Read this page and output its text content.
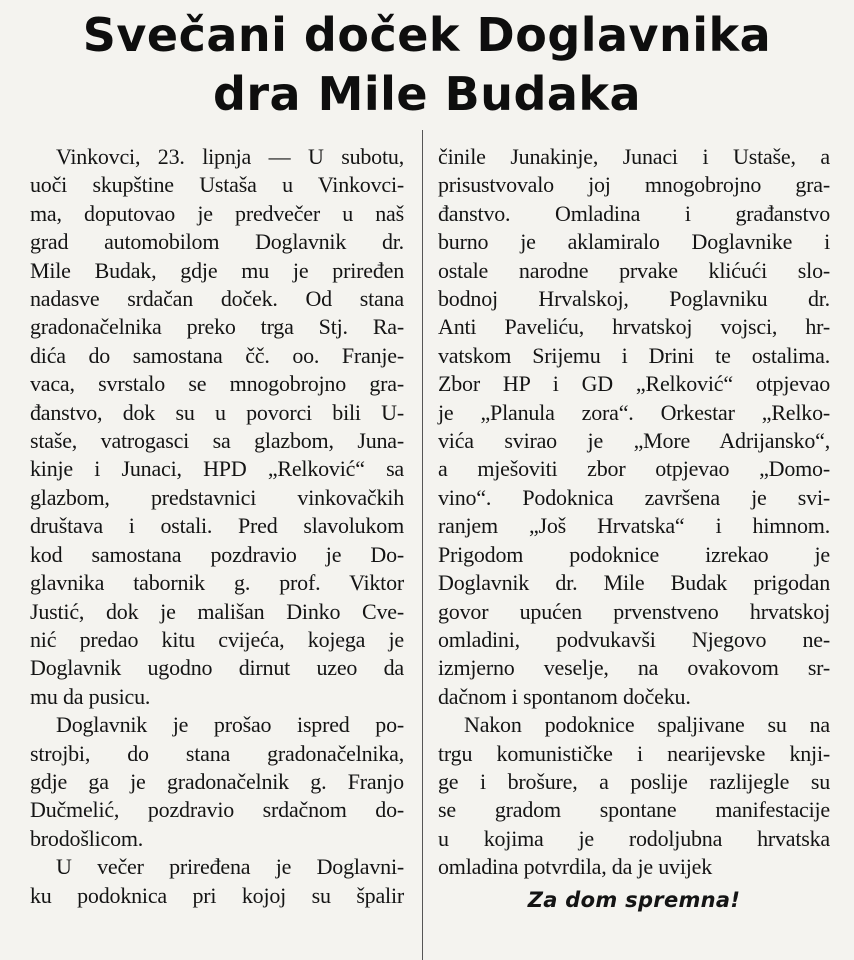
Svečani doček Doglavnika
dra Mile Budaka
Vinkovci, 23. lipnja — U subotu,
uoči skupštine Ustaša u Vinkovci-
ma, doputovao je predvečer u naš
grad automobilom Doglavnik dr.
Mile Budak, gdje mu je priređen
nadasve srdačan doček. Od stana
gradonačelnika preko trga Stj. Ra-
dića do samostana čč. oo. Franje-
vaca, svrstalo se mnogobrojno gra-
đanstvo, dok su u povorci bili U-
staše, vatrogasci sa glazbom, Juna-
kinje i Junaci, HPD „Relković“ sa
glazbom, predstavnici vinkovačkih
društava i ostali. Pred slavolukom
kod samostana pozdravio je Do-
glavnika tabornik g. prof. Viktor
Justić, dok je mališan Dinko Cve-
nić predao kitu cvijeća, kojega je
Doglavnik ugodno dirnut uzeo da
mu da pusicu.
Doglavnik je prošao ispred po-
strojbi, do stana gradonačelnika,
gdje ga je gradonačelnik g. Franjo
Dučmelić, pozdravio srdačnom do-
brodošlicom.
U večer priređena je Doglavni-
ku podoknica pri kojoj su špalir
činile Junakinje, Junaci i Ustaše, a
prisustvovalo joj mnogobrojno gra-
đanstvo. Omladina i građanstvo
burno je aklamiralo Doglavnike i
ostale narodne prvake klićući slo-
bodnoj Hrvalskoj, Poglavniku dr.
Anti Paveliću, hrvatskoj vojsci, hr-
vatskom Srijemu i Drini te ostalima.
Zbor HP i GD „Relković“ otpjevao
je „Planula zora“. Orkestar „Relko-
vića svirao je „More Adrijansko“,
a mješoviti zbor otpjevao „Domo-
vino“. Podoknica završena je svi-
ranjem „Još Hrvatska“ i himnom.
Prigodom podoknice izrekao je
Doglavnik dr. Mile Budak prigodan
govor upućen prvenstveno hrvatskoj
omladini, podvukavši Njegovo ne-
izmjerno veselje, na ovakovom sr-
dačnom i spontanom dočeku.
Nakon podoknice spaljivane su na
trgu komunističke i nearijevske knji-
ge i brošure, a poslije razlijegle su
se gradom spontane manifestacije
u kojima je rodoljubna hrvatska
omladina potvrdila, da je uvijek
Za dom spremna!
